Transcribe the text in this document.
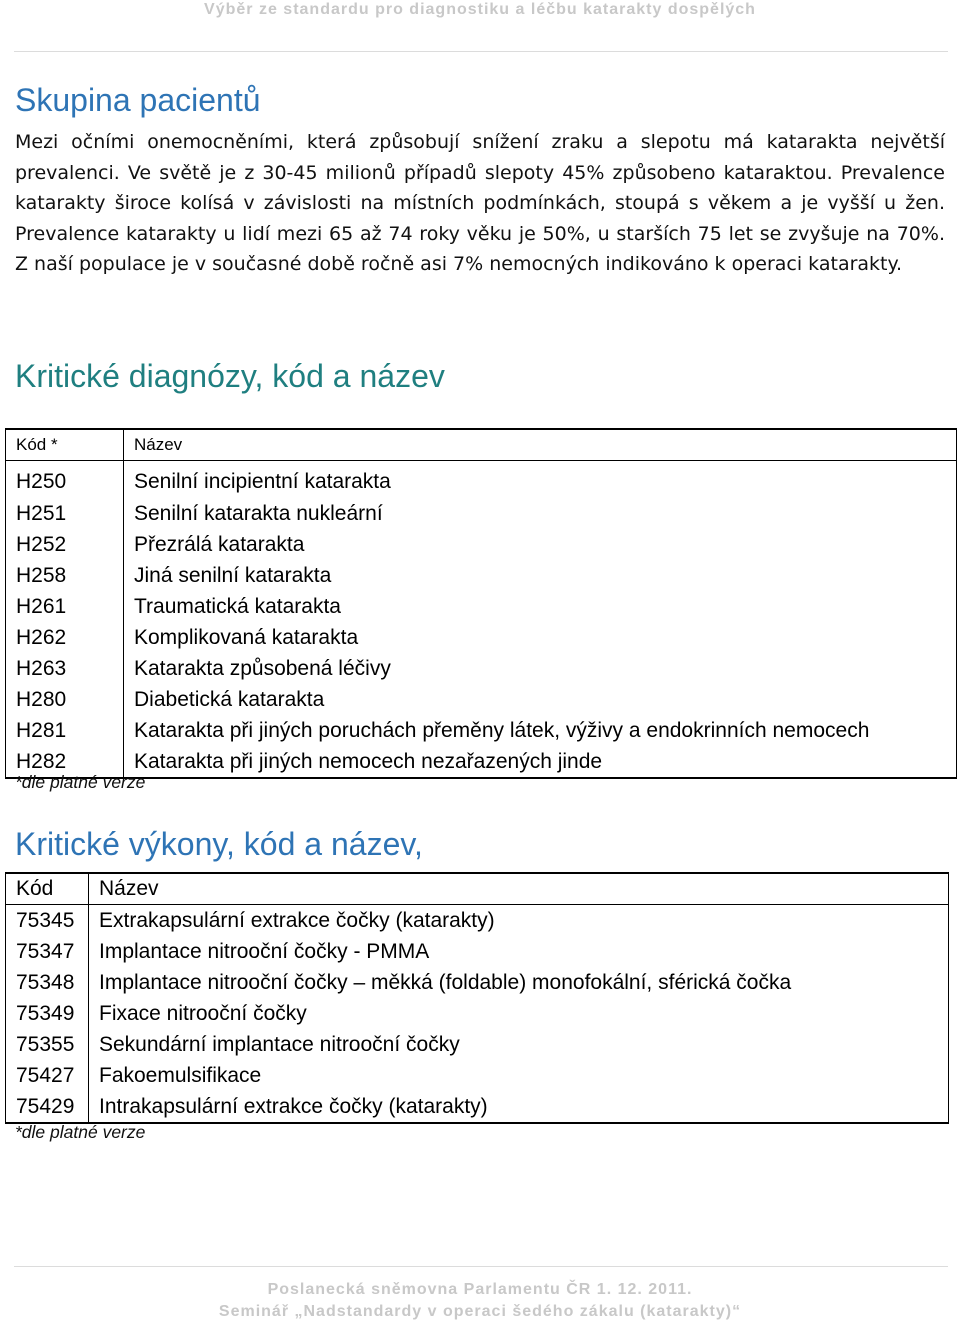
Výběr ze standardu pro diagnostiku a léčbu katarakty dospělých
Skupina pacientů

Mezi očními onemocněními, která způsobují snížení zraku a slepotu má katarakta největší prevalenci. Ve světě je z 30-45 milionů případů slepoty 45% způsobeno kataraktou. Prevalence katarakty široce kolísá v závislosti na místních podmínkách, stoupá s věkem a je vyšší u žen. Prevalence katarakty u lidí mezi 65 až 74 roky věku je 50%, u starších 75 let se zvyšuje na 70%. Z naší populace je v současné době ročně asi 7% nemocných indikováno k operaci katarakty.

Kritické diagnózy, kód a název
Kód *	Název
H250	Senilní incipientní katarakta
H251	Senilní katarakta nukleární
H252	Přezrálá katarakta
H258	Jiná senilní katarakta
H261	Traumatická katarakta
H262	Komplikovaná katarakta
H263	Katarakta způsobená léčivy
H280	Diabetická katarakta
H281	Katarakta při jiných poruchách přeměny látek, výživy a endokrinních nemocech
H282	Katarakta při jiných nemocech nezařazených jinde
*dle platné verze
Kritické výkony, kód a název,
Kód	Název
75345	Extrakapsulární extrakce čočky (katarakty)
75347	Implantace nitrooční čočky - PMMA
75348	Implantace nitrooční čočky – měkká (foldable) monofokální, sférická čočka
75349	Fixace nitrooční čočky
75355	Sekundární implantace nitrooční čočky
75427	Fakoemulsifikace
75429	Intrakapsulární extrakce čočky (katarakty)
*dle platné verze
Poslanecká sněmovna Parlamentu ČR 1. 12. 2011.
Seminář „Nadstandardy v operaci šedého zákalu (katarakty)“
